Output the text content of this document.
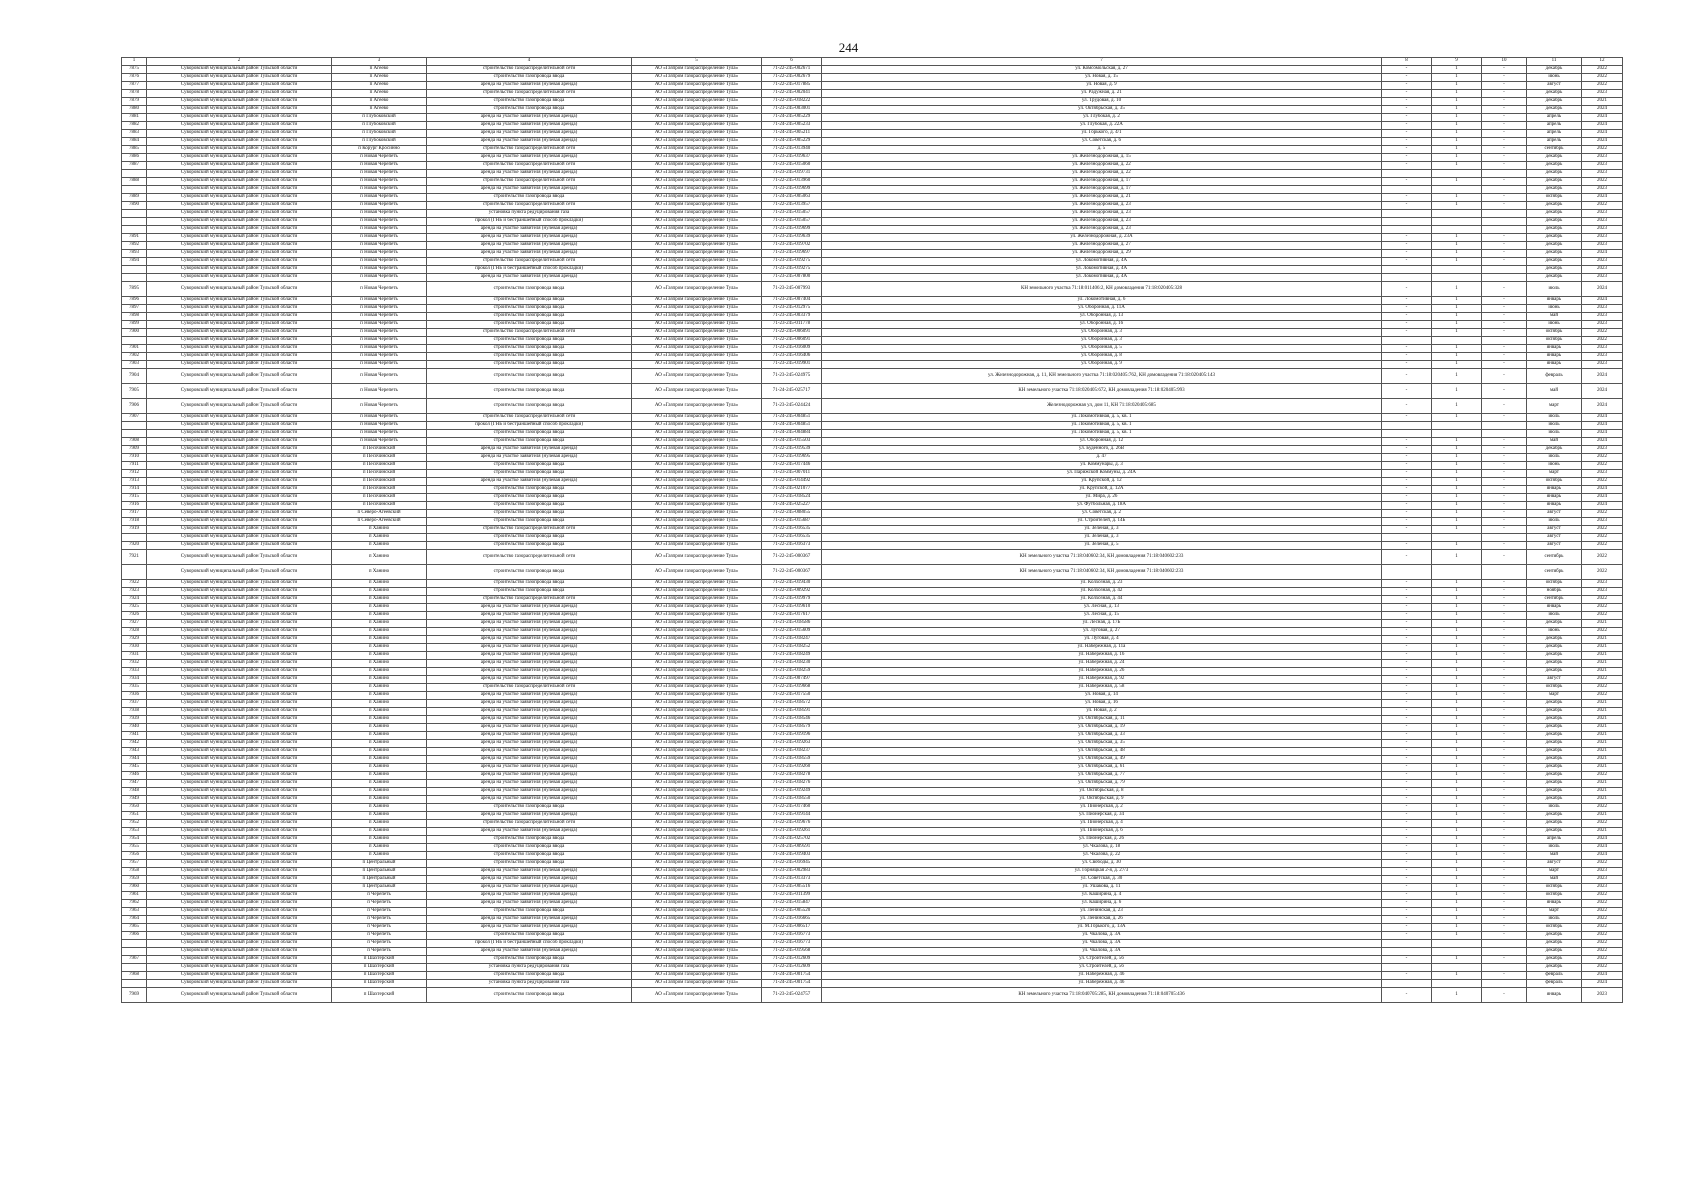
244
1	2	3	4	5	6	7	8	9	10	11	12
7875	Суворовский муниципальный район Тульской области	п Агеево	строительство газораспределительной сети	АО «Газпром газораспределение Тула»	71-22-245-002671	ул. Комсомольская, д. 27	-	1	-	декабрь	2022
7876	Суворовский муниципальный район Тульской области	п Агеево	строительство газопровода ввода	АО «Газпром газораспределение Тула»	71-22-245-002679	ул. Новая, д. 15	-	1	-	июнь	2022
7877	Суворовский муниципальный район Тульской области	п Агеево	аренда на участке заявителя (нулевая аренда)	АО «Газпром газораспределение Тула»	71-22-245-017885	ул. Новая, д. 9	-	1	-	август	2022
7878	Суворовский муниципальный район Тульской области	п Агеево	строительство газораспределительной сети	АО «Газпром газораспределение Тула»	71-22-245-002041	ул. Радужная, д. 21	-	1	-	декабрь	2023
7879	Суворовский муниципальный район Тульской области	п Агеево	строительство газопровода ввода	АО «Газпром газораспределение Тула»	71-22-245-018222	ул. Трудовая, д. 10	-	1	-	декабрь	2021
7880	Суворовский муниципальный район Тульской области	п Агеево	строительство газопровода ввода	АО «Газпром газораспределение Тула»	71-23-245-003001	ул. Октябрьская, д. 35	-	1	-	декабрь	2024
7881	Суворовский муниципальный район Тульской области	п Глубоковский	аренда на участке заявителя (нулевая аренда)	АО «Газпром газораспределение Тула»	71-24-245-005229	ул. Глубокая, д. 2	-	1	-	апрель	2024
7882	Суворовский муниципальный район Тульской области	п Глубоковский	аренда на участке заявителя (нулевая аренда)	АО «Газпром газораспределение Тула»	71-24-245-005233	ул. Глубокая, д. 22А	-	1	-	апрель	2024
7883	Суворовский муниципальный район Тульской области	п Глубоковский	аренда на участке заявителя (нулевая аренда)	АО «Газпром газораспределение Тула»	71-24-245-005211	ул. Горького, д. 4/1	-	1	-	апрель	2024
7884	Суворовский муниципальный район Тульской области	п Глубоковский	аренда на участке заявителя (нулевая аренда)	АО «Газпром газораспределение Тула»	71-24-245-005229	ул. Советская, д. 6	-	1	-	апрель	2024
7885	Суворовский муниципальный район Тульской области	п Корург Кросинно	строительство газораспределительной сети	АО «Газпром газораспределение Тула»	71-22-245-013940	д. 5	-	1	-	сентябрь	2022
7886	Суворовский муниципальный район Тульской области	п Новая Черепеть	аренда на участке заявителя (нулевая аренда)	АО «Газпром газораспределение Тула»	71-23-245-019637	ул. Железнодорожная, д. 15	-	1	-	декабрь	2023
7887	Суворовский муниципальный район Тульской области	п Новая Черепеть	строительство газораспределительной сети	АО «Газпром газораспределение Тула»	71-23-245-015060	ул. Железнодорожная, д. 22	-	1	-	декабрь	2023
	Суворовский муниципальный район Тульской области	п Новая Черепеть	аренда на участке заявителя (нулевая аренда)	АО «Газпром газораспределение Тула»	71-23-245-019731	ул. Железнодорожная, д. 22				декабрь	2023
7888	Суворовский муниципальный район Тульской области	п Новая Черепеть	строительство газораспределительной сети	АО «Газпром газораспределение Тула»	71-22-245-013960	ул. Железнодорожная, д. 17	-	1	-	декабрь	2022
	Суворовский муниципальный район Тульской области	п Новая Черепеть	аренда на участке заявителя (нулевая аренда)	АО «Газпром газораспределение Тула»	71-23-245-019699	ул. Железнодорожная, д. 17				декабрь	2023
7889	Суворовский муниципальный район Тульской области	п Новая Черепеть	строительство газопровода ввода	АО «Газпром газораспределение Тула»	71-24-245-005063	ул. Железнодорожная, д. 21	-	1	-	октябрь	2024
7890	Суворовский муниципальный район Тульской области	п Новая Черепеть	строительство газораспределительной сети	АО «Газпром газораспределение Тула»	71-22-245-013957	ул. Железнодорожная, д. 23	-	1	-	декабрь	2022
	Суворовский муниципальный район Тульской области	п Новая Черепеть	установка пункта редуцирования газа	АО «Газпром газораспределение Тула»	71-23-245-015057	ул. Железнодорожная, д. 23				декабрь	2023
	Суворовский муниципальный район Тульской области	п Новая Черепеть	прокол (ГНБ и бестраншейный способ прокладки)	АО «Газпром газораспределение Тула»	71-23-245-015057	ул. Железнодорожная, д. 23				декабрь	2023
	Суворовский муниципальный район Тульской области	п Новая Черепеть	аренда на участке заявителя (нулевая аренда)	АО «Газпром газораспределение Тула»	71-23-245-019699	ул. Железнодорожная, д. 23				декабрь	2023
7891	Суворовский муниципальный район Тульской области	п Новая Черепеть	аренда на участке заявителя (нулевая аренда)	АО «Газпром газораспределение Тула»	71-23-245-019639	ул. Железнодорожная, д. 23А	-	1	-	декабрь	2023
7892	Суворовский муниципальный район Тульской области	п Новая Черепеть	аренда на участке заявителя (нулевая аренда)	АО «Газпром газораспределение Тула»	71-23-245-019702	ул. Железнодорожная, д. 27	-	1	-	декабрь	2023
7893	Суворовский муниципальный район Тульской области	п Новая Черепеть	аренда на участке заявителя (нулевая аренда)	АО «Газпром газораспределение Тула»	71-23-245-019697	ул. Железнодорожная, д. 29	-	1	-	декабрь	2024
7894	Суворовский муниципальный район Тульской области	п Новая Черепеть	строительство газораспределительной сети	АО «Газпром газораспределение Тула»	71-23-245-019275	ул. Локомотивная, д. 4А	-	1	-	декабрь	2023
	Суворовский муниципальный район Тульской области	п Новая Черепеть	прокол (ГНБ и бестраншейный способ прокладки)	АО «Газпром газораспределение Тула»	71-23-245-019275	ул. Локомотивная, д. 4А				декабрь	2023
	Суворовский муниципальный район Тульской области	п Новая Черепеть	аренда на участке заявителя (нулевая аренда)	АО «Газпром газораспределение Тула»	71-23-245-007800	ул. Локомотивная, д. 4А				декабрь	2023
7895	Суворовский муниципальный район Тульской области	п Новая Черепеть	строительство газопровода ввода	АО «Газпром газораспределение Тула»	71-23-245-007993	КН земельного участка 71:18:011406:2, КН домовладения 71:18:020405:328	-	1	-	июль	2024
7896	Суворовский муниципальный район Тульской области	п Новая Черепеть	строительство газопровода ввода	АО «Газпром газораспределение Тула»	71-23-245-007404	ул. Локомотивная, д. 6	-	1	-	январь	2024
7897	Суворовский муниципальный район Тульской области	п Новая Черепеть	строительство газопровода ввода	АО «Газпром газораспределение Тула»	71-23-245-012975	ул. Оборонная, д. 11А	-	1	-	июнь	2023
7898	Суворовский муниципальный район Тульской области	п Новая Черепеть	строительство газопровода ввода	АО «Газпром газораспределение Тула»	71-23-245-003379	ул. Оборонная, д. 13	-	1	-	май	2023
7899	Суворовский муниципальный район Тульской области	п Новая Черепеть	строительство газопровода ввода	АО «Газпром газораспределение Тула»	71-23-245-011778	ул. Оборонная, д. 16	-	1	-	июнь	2023
7900	Суворовский муниципальный район Тульской области	п Новая Черепеть	строительство газораспределительной сети	АО «Газпром газораспределение Тула»	71-22-245-006091	ул. Оборонная, д. 3	-	1	-	октябрь	2022
	Суворовский муниципальный район Тульской области	п Новая Черепеть	строительство газопровода ввода	АО «Газпром газораспределение Тула»	71-22-245-006091	ул. Оборонная, д. 3				октябрь	2022
7901	Суворовский муниципальный район Тульской области	п Новая Черепеть	строительство газопровода ввода	АО «Газпром газораспределение Тула»	71-23-245-016009	ул. Оборонная, д. 5	-	1	-	январь	2023
7902	Суворовский муниципальный район Тульской области	п Новая Черепеть	строительство газопровода ввода	АО «Газпром газораспределение Тула»	71-23-245-016406	ул. Оборонная, д. 8	-	1	-	январь	2023
7903	Суворовский муниципальный район Тульской области	п Новая Черепеть	строительство газопровода ввода	АО «Газпром газораспределение Тула»	71-23-245-019901	ул. Оборонная, д. 9	-	1	-	январь	2023
7904	Суворовский муниципальный район Тульской области	п Новая Черепеть	строительство газопровода ввода	АО «Газпром газораспределение Тула»	71-23-245-024975	ул. Железнодорожная, д. 11, КН земельного участка 71:18:020405:762, КН домовладения 71:18:020405:143	-	1	-	февраль	2024
7905	Суворовский муниципальный район Тульской области	п Новая Черепеть	строительство газопровода ввода	АО «Газпром газораспределение Тула»	71-24-245-025717	КН земельного участка 71:18:020405:672, КН домовладения 71:18:020405:993	-	1	-	май	2024
7906	Суворовский муниципальный район Тульской области	п Новая Черепеть	строительство газопровода ввода	АО «Газпром газораспределение Тула»	71-23-245-024424	Железнодорожная ул, дом 11, КН 71:18:020405:685	-	1	-	март	2024
7907	Суворовский муниципальный район Тульской области	п Новая Черепеть	строительство газораспределительной сети	АО «Газпром газораспределение Тула»	71-24-245-004851	ул. Локомотивная, д. 5, кв. 1	-	1	-	июль	2024
	Суворовский муниципальный район Тульской области	п Новая Черепеть	прокол (ГНБ и бестраншейный способ прокладки)	АО «Газпром газораспределение Тула»	71-24-245-004851	ул. Локомотивная, д. 5, кв. 1				июль	2024
	Суворовский муниципальный район Тульской области	п Новая Черепеть	строительство газопровода ввода	АО «Газпром газораспределение Тула»	71-24-245-004884	ул. Локомотивная, д. 5, кв. 1				июль	2024
7908	Суворовский муниципальный район Тульской области	п Новая Черепеть	строительство газопровода ввода	АО «Газпром газораспределение Тула»	71-24-245-015503	ул. Оборонная, д. 12	-	1	-	май	2024
7909	Суворовский муниципальный район Тульской области	п Песочинский	аренда на участке заявителя (нулевая аренда)	АО «Газпром газораспределение Тула»	71-22-245-019539	ул. Буденного, д. 26В	-	1	-	декабрь	2023
7910	Суворовский муниципальный район Тульской области	п Песочинский	аренда на участке заявителя (нулевая аренда)	АО «Газпром газораспределение Тула»	71-22-245-019695	д. 47	-	1	-	июль	2022
7911	Суворовский муниципальный район Тульской области	п Песочинский	строительство газопровода ввода	АО «Газпром газораспределение Тула»	71-22-245-017446	ул. Коммунары, д. 3	-	1	-	июнь	2022
7912	Суворовский муниципальный район Тульской области	п Песочинский	строительство газопровода ввода	АО «Газпром газораспределение Тула»	71-23-245-007011	ул. Парижской Коммуны, д. 24А	-	1	-	март	2023
7913	Суворовский муниципальный район Тульской области	п Песочинский	аренда на участке заявителя (нулевая аренда)	АО «Газпром газораспределение Тула»	71-22-245-014492	ул. Крупской, д. 12	-	1	-	октябрь	2022
7914	Суворовский муниципальный район Тульской области	п Песочинский	строительство газопровода ввода	АО «Газпром газораспределение Тула»	71-24-245-021077	ул. Крупской, д. 12А	-	1	-	январь	2024
7915	Суворовский муниципальный район Тульской области	п Песочинский	строительство газопровода ввода	АО «Газпром газораспределение Тула»	71-23-245-018524	ул. Мира, д. 26	-	1	-	январь	2024
7916	Суворовский муниципальный район Тульской области	п Песочинский	строительство газопровода ввода	АО «Газпром газораспределение Тула»	71-24-245-025227	ул. Футбольная, д. 18А	-	1	-	январь	2024
7917	Суворовский муниципальный район Тульской области	п Северо-Агеевский	строительство газопровода ввода	АО «Газпром газораспределение Тула»	71-22-245-008055	ул. Советская, д. 2	-	1	-	август	2022
7918	Суворовский муниципальный район Тульской области	п Северо-Агеевский	строительство газопровода ввода	АО «Газпром газораспределение Тула»	71-23-245-015687	ул. Строителей, д. 14Б	-	1	-	июль	2023
7919	Суворовский муниципальный район Тульской области	п Ханино	строительство газораспределительной сети	АО «Газпром газораспределение Тула»	71-22-245-016535	ул. Зеленая, д. 3	-	1	-	август	2022
	Суворовский муниципальный район Тульской области	п Ханино	строительство газопровода ввода	АО «Газпром газораспределение Тула»	71-22-245-016535	ул. Зеленая, д. 3				август	2022
7920	Суворовский муниципальный район Тульской области	п Ханино	строительство газопровода ввода	АО «Газпром газораспределение Тула»	71-22-245-016373	ул. Зеленая, д. 5	-	1	-	август	2022
7921	Суворовский муниципальный район Тульской области	п Ханино	строительство газораспределительной сети	АО «Газпром газораспределение Тула»	71-22-245-000367	КН земельного участка 71:18:040602:34, КН домовладения 71:18:040602:233	-	1	-	сентябрь	2022
	Суворовский муниципальный район Тульской области	п Ханино	строительство газопровода ввода	АО «Газпром газораспределение Тула»	71-22-245-000367	КН земельного участка 71:18:040602:34, КН домовладения 71:18:040602:233				сентябрь	2022
7922	Суворовский муниципальный район Тульской области	п Ханино	строительство газопровода ввода	АО «Газпром газораспределение Тула»	71-22-245-019430	ул. Колхозная, д. 23	-	1	-	октябрь	2023
7923	Суворовский муниципальный район Тульской области	п Ханино	строительство газопровода ввода	АО «Газпром газораспределение Тула»	71-22-245-009292	ул. Колхозная, д. 42	-	1	-	ноябрь	2023
7924	Суворовский муниципальный район Тульской области	п Ханино	строительство газораспределительной сети	АО «Газпром газораспределение Тула»	71-22-245-019979	ул. Колхозная, д. 44	-	1	-	сентябрь	2022
7925	Суворовский муниципальный район Тульской области	п Ханино	аренда на участке заявителя (нулевая аренда)	АО «Газпром газораспределение Тула»	71-22-245-019610	ул. Лесная, д. 13	-	1	-	январь	2022
7926	Суворовский муниципальный район Тульской области	п Ханино	аренда на участке заявителя (нулевая аренда)	АО «Газпром газораспределение Тула»	71-22-245-017617	ул. Лесная, д. 15	-	1	-	июль	2022
7927	Суворовский муниципальный район Тульской области	п Ханино	аренда на участке заявителя (нулевая аренда)	АО «Газпром газораспределение Тула»	71-21-245-018586	ул. Лесная, д. 17Б	-	1	-	декабрь	2021
7928	Суворовский муниципальный район Тульской области	п Ханино	аренда на участке заявителя (нулевая аренда)	АО «Газпром газораспределение Тула»	71-22-245-015609	ул. Луговая, д. 27	-	1	-	июнь	2022
7929	Суворовский муниципальный район Тульской области	п Ханино	аренда на участке заявителя (нулевая аренда)	АО «Газпром газораспределение Тула»	71-21-245-018247	ул. Луговая, д. 4	-	1	-	декабрь	2021
7930	Суворовский муниципальный район Тульской области	п Ханино	аренда на участке заявителя (нулевая аренда)	АО «Газпром газораспределение Тула»	71-21-245-018252	ул. Набережная, д. 11а	-	1	-	декабрь	2021
7931	Суворовский муниципальный район Тульской области	п Ханино	аренда на участке заявителя (нулевая аренда)	АО «Газпром газораспределение Тула»	71-21-245-018249	ул. Набережная, д. 16	-	1	-	декабрь	2021
7932	Суворовский муниципальный район Тульской области	п Ханино	аренда на участке заявителя (нулевая аренда)	АО «Газпром газораспределение Тула»	71-21-245-018230	ул. Набережная, д. 24	-	1	-	декабрь	2021
7933	Суворовский муниципальный район Тульской области	п Ханино	аренда на участке заявителя (нулевая аренда)	АО «Газпром газораспределение Тула»	71-21-245-018259	ул. Набережная, д. 26	-	1	-	декабрь	2021
7934	Суворовский муниципальный район Тульской области	п Ханино	аренда на участке заявителя (нулевая аренда)	АО «Газпром газораспределение Тула»	71-22-245-007497	ул. Набережная, д. 92	-	1	-	август	2022
7935	Суворовский муниципальный район Тульской области	п Ханино	строительство газораспределительной сети	АО «Газпром газораспределение Тула»	71-22-245-019668	ул. Набережная, д. 58	-	1	-	октябрь	2022
7936	Суворовский муниципальный район Тульской области	п Ханино	аренда на участке заявителя (нулевая аренда)	АО «Газпром газораспределение Тула»	71-22-245-017550	ул. Новая, д. 14	-	1	-	март	2022
7937	Суворовский муниципальный район Тульской области	п Ханино	аренда на участке заявителя (нулевая аренда)	АО «Газпром газораспределение Тула»	71-21-245-018572	ул. Новая, д. 16	-	1	-	декабрь	2021
7938	Суворовский муниципальный район Тульской области	п Ханино	аренда на участке заявителя (нулевая аренда)	АО «Газпром газораспределение Тула»	71-21-245-018591	ул. Новая, д. 2	-	1	-	декабрь	2021
7939	Суворовский муниципальный район Тульской области	п Ханино	аренда на участке заявителя (нулевая аренда)	АО «Газпром газораспределение Тула»	71-21-245-018546	ул. Октябрьская, д. 11	-	1	-	декабрь	2021
7940	Суворовский муниципальный район Тульской области	п Ханино	аренда на участке заявителя (нулевая аренда)	АО «Газпром газораспределение Тула»	71-21-245-018579	ул. Октябрьская, д. 19	-	1	-	декабрь	2021
7941	Суворовский муниципальный район Тульской области	п Ханино	аренда на участке заявителя (нулевая аренда)	АО «Газпром газораспределение Тула»	71-21-245-019196	ул. Октябрьская, д. 33	-	1	-	декабрь	2021
7942	Суворовский муниципальный район Тульской области	п Ханино	аренда на участке заявителя (нулевая аренда)	АО «Газпром газораспределение Тула»	71-21-245-019263	ул. Октябрьская, д. 35	-	1	-	декабрь	2021
7943	Суворовский муниципальный район Тульской области	п Ханино	аренда на участке заявителя (нулевая аренда)	АО «Газпром газораспределение Тула»	71-21-245-018237	ул. Октябрьская, д. 48	-	1	-	декабрь	2021
7944	Суворовский муниципальный район Тульской области	п Ханино	аренда на участке заявителя (нулевая аренда)	АО «Газпром газораспределение Тула»	71-21-245-018559	ул. Октябрьская, д. 49	-	1	-	декабрь	2021
7945	Суворовский муниципальный район Тульской области	п Ханино	аренда на участке заявителя (нулевая аренда)	АО «Газпром газораспределение Тула»	71-21-245-019260	ул. Октябрьская, д. 61	-	1	-	декабрь	2021
7946	Суворовский муниципальный район Тульской области	п Ханино	аренда на участке заявителя (нулевая аренда)	АО «Газпром газораспределение Тула»	71-22-245-018278	ул. Октябрьская, д. 77	-	1	-	декабрь	2022
7947	Суворовский муниципальный район Тульской области	п Ханино	аренда на участке заявителя (нулевая аренда)	АО «Газпром газораспределение Тула»	71-21-245-018276	ул. Октябрьская, д. 79	-	1	-	декабрь	2021
7948	Суворовский муниципальный район Тульской области	п Ханино	аренда на участке заявителя (нулевая аренда)	АО «Газпром газораспределение Тула»	71-21-245-019249	ул. Октябрьская, д. 8	-	1	-	декабрь	2021
7949	Суворовский муниципальный район Тульской области	п Ханино	аренда на участке заявителя (нулевая аренда)	АО «Газпром газораспределение Тула»	71-21-245-018550	ул. Октябрьская, д. 9	-	1	-	декабрь	2021
7950	Суворовский муниципальный район Тульской области	п Ханино	строительство газопровода ввода	АО «Газпром газораспределение Тула»	71-22-245-017460	ул. Пионерская, д. 2	-	1	-	июль	2022
7951	Суворовский муниципальный район Тульской области	п Ханино	аренда на участке заявителя (нулевая аренда)	АО «Газпром газораспределение Тула»	71-21-245-019144	ул. Пионерская, д. 34	-	1	-	декабрь	2021
7952	Суворовский муниципальный район Тульской области	п Ханино	строительство газораспределительной сети	АО «Газпром газораспределение Тула»	71-22-245-019676	ул. Пионерская, д. 4	-	1	-	декабрь	2022
7953	Суворовский муниципальный район Тульской области	п Ханино	аренда на участке заявителя (нулевая аренда)	АО «Газпром газораспределение Тула»	71-21-245-019261	ул. Пионерская, д. 6	-	1	-	декабрь	2021
7954	Суворовский муниципальный район Тульской области	п Ханино	строительство газопровода ввода	АО «Газпром газораспределение Тула»	71-24-245-025702	ул. Пионерская, д. 26	-	1	-	апрель	2024
7955	Суворовский муниципальный район Тульской области	п Ханино	строительство газопровода ввода	АО «Газпром газораспределение Тула»	71-24-245-009591	ул. Чкалова, д. 18	-	1	-	июль	2024
7956	Суворовский муниципальный район Тульской области	п Ханино	строительство газопровода ввода	АО «Газпром газораспределение Тула»	71-24-245-019403	ул. Чкалова, д. 22	-	1	-	май	2024
7957	Суворовский муниципальный район Тульской области	п Центральный	строительство газопровода ввода	АО «Газпром газораспределение Тула»	71-22-245-016945	ул. Свободы, д. 30	-	1	-	август	2022
7958	Суворовский муниципальный район Тульской области	п Центральный	аренда на участке заявителя (нулевая аренда)	АО «Газпром газораспределение Тула»	71-23-245-002983	ул. Горняцкая 2-я, д. 27/3	-	1	-	март	2023
7959	Суворовский муниципальный район Тульской области	п Центральный	аренда на участке заявителя (нулевая аренда)	АО «Газпром газораспределение Тула»	71-23-245-013373	ул. Советская, д. 30	-	1	-	май	2023
7960	Суворовский муниципальный район Тульской области	п Центральный	аренда на участке заявителя (нулевая аренда)	АО «Газпром газораспределение Тула»	71-23-245-005516	ул. Ушакова, д. 11	-	1	-	октябрь	2023
7961	Суворовский муниципальный район Тульской области	п Черепеть	аренда на участке заявителя (нулевая аренда)	АО «Газпром газораспределение Тула»	71-22-245-011399	ул. Каширина, д. 4	-	1	-	октябрь	2022
7962	Суворовский муниципальный район Тульской области	п Черепеть	аренда на участке заявителя (нулевая аренда)	АО «Газпром газораспределение Тула»	71-22-245-015847	ул. Каширина, д. 6	-	1	-	январь	2022
7963	Суворовский муниципальный район Тульской области	п Черепеть	строительство газопровода ввода	АО «Газпром газораспределение Тула»	71-22-245-005520	ул. Ленинская, д. 23	-	1	-	март	2022
7964	Суворовский муниципальный район Тульской области	п Черепеть	аренда на участке заявителя (нулевая аренда)	АО «Газпром газораспределение Тула»	71-22-245-016665	ул. Ленинская, д. 26	-	1	-	июль	2022
7965	Суворовский муниципальный район Тульской области	п Черепеть	аренда на участке заявителя (нулевая аренда)	АО «Газпром газораспределение Тула»	71-22-245-006517	ул. М.Горького, д. 13А	-	1	-	октябрь	2022
7966	Суворовский муниципальный район Тульской области	п Черепеть	строительство газопровода ввода	АО «Газпром газораспределение Тула»	71-22-245-016773	ул. Чкалова, д. 3А	-	1	-	декабрь	2022
	Суворовский муниципальный район Тульской области	п Черепеть	прокол (ГНБ и бестраншейный способ прокладки)	АО «Газпром газораспределение Тула»	71-22-245-016773	ул. Чкалова, д. 3А				декабрь	2022
	Суворовский муниципальный район Тульской области	п Черепеть	аренда на участке заявителя (нулевая аренда)	АО «Газпром газораспределение Тула»	71-22-245-019568	ул. Чкалова, д. 3А				декабрь	2022
7967	Суворовский муниципальный район Тульской области	п Шахтерский	строительство газопровода ввода	АО «Газпром газораспределение Тула»	71-22-245-012609	ул. Строителей, д. 56	-	1	-	декабрь	2022
	Суворовский муниципальный район Тульской области	п Шахтерский	установка пункта редуцирования газа	АО «Газпром газораспределение Тула»	71-22-245-012609	ул. Строителей, д. 56				декабрь	2022
7968	Суворовский муниципальный район Тульской области	п Шахтерский	строительство газопровода ввода	АО «Газпром газораспределение Тула»	71-24-245-001754	ул. Набережная, д. 46	-	1	-	февраль	2024
	Суворовский муниципальный район Тульской области	п Шахтерский	установка пункта редуцирования газа	АО «Газпром газораспределение Тула»	71-24-245-001754	ул. Набережная, д. 46				февраль	2024
7969	Суворовский муниципальный район Тульской области	п Шахтерский	строительство газопровода ввода	АО «Газпром газораспределение Тула»	71-23-245-024757	КН земельного участка 71:18:040705:285, КН домовладения 71:18:040705:436	-	1	-	январь	2023
